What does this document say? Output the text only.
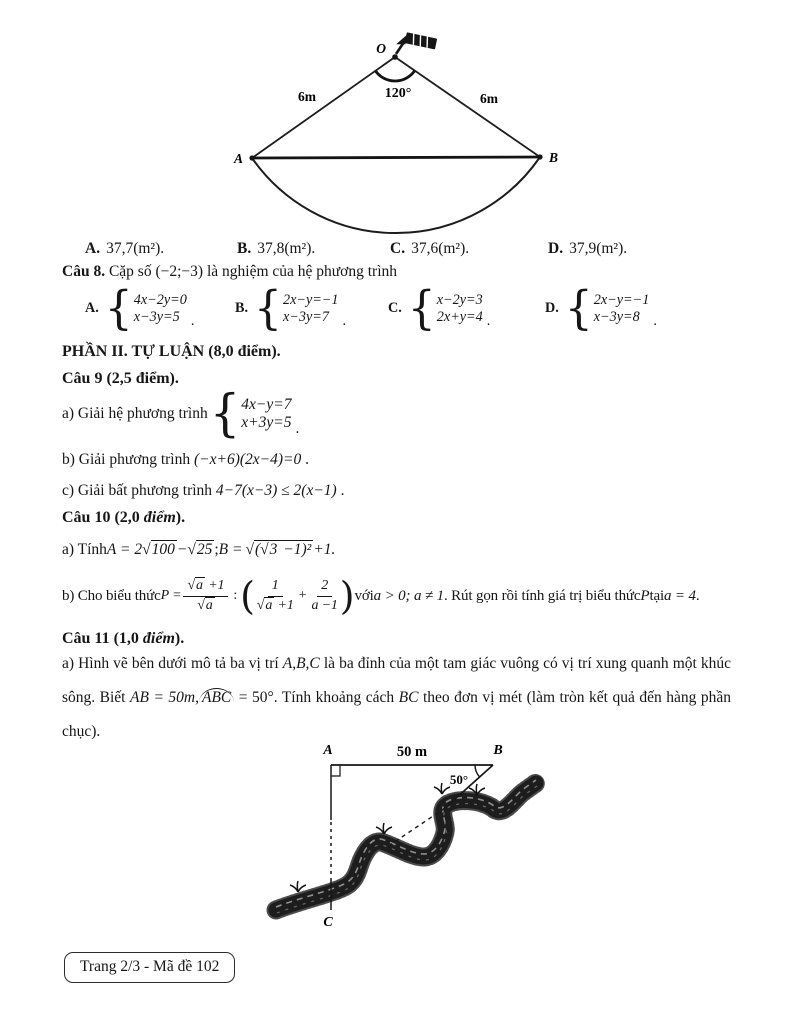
O
120°
6m	6m
A	B
A. 37,7(m²).	B. 37,8(m²).	C. 37,6(m²).	D. 37,9(m²).
Câu 8. Cặp số (−2;−3) là nghiệm của hệ phương trình
A. { 4x−2y=0
x−3y=5 .
B. { 2x−y=−1
x−3y=7 .
C. { x−2y=3
2x+y=4 .
D. { 2x−y=−1
x−3y=8 .
PHẦN II. TỰ LUẬN (8,0 điểm).
Câu 9 (2,5 điểm).
a) Giải hệ phương trình { 4x−y=7
x+3y=5 .
b) Giải phương trình (−x+6)(2x−4)=0 .
c) Giải bất phương trình 4−7(x−3) ≤ 2(x−1) .
Câu 10 (2,0 điểm).
a) Tính A = 2 √100 − √25 ; B = √(√3 −1)² +1.
b) Cho biểu thức $P = \frac{√a +1}{√a}$ : ( $\frac{1}{√a +1} + \frac{2}{a -1}$ ) với a > 0; a ≠ 1 . Rút gọn rồi tính giá trị biểu thức P tại a = 4 .
Câu 11 (1,0 điểm).
a) Hình vẽ bên dưới mô tả ba vị trí A,B,C là ba đỉnh của một tam giác vuông có vị trí xung quanh một khúc sông. Biết AB = 50m, ABC = 50°. Tính khoảng cách BC theo đơn vị mét (làm tròn kết quả đến hàng phần chục).
A	B
50 m
50°
C
Trang 2/3 - Mã đề 102
